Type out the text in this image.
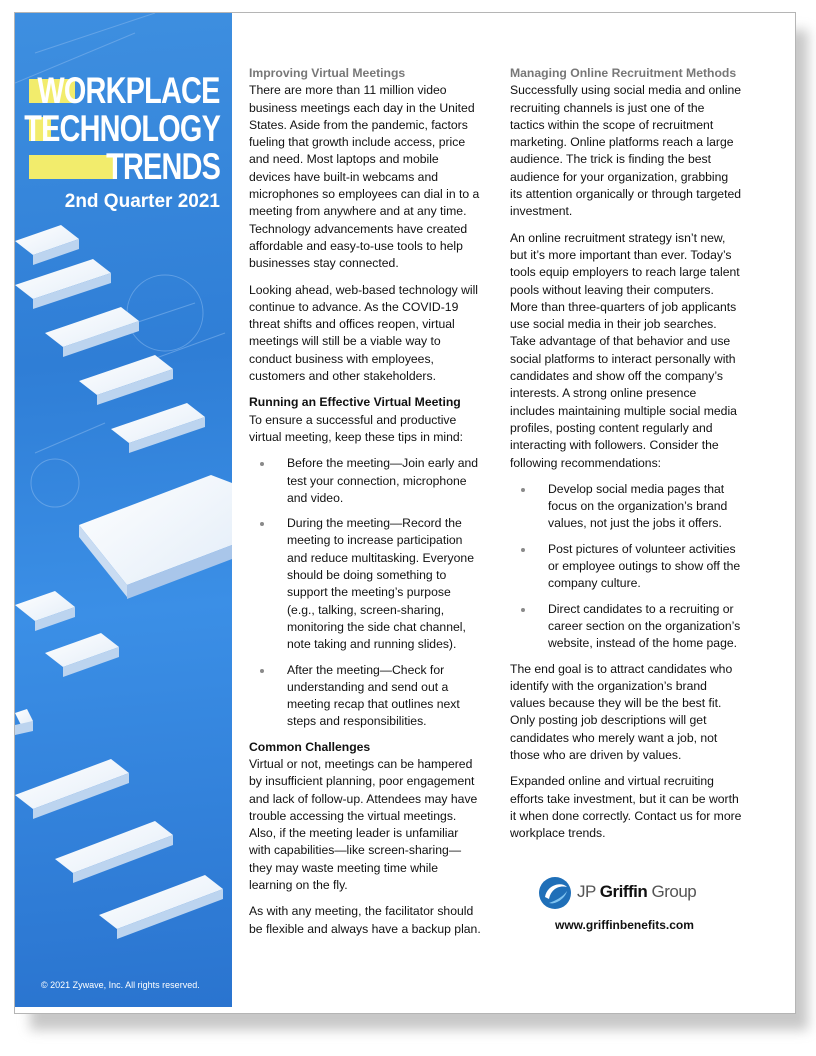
WORKPLACE
TECHNOLOGY
TRENDS
2nd Quarter 2021
© 2021 Zywave, Inc. All rights reserved.
Improving Virtual Meetings

There are more than 11 million video business meetings each day in the United States. Aside from the pandemic, factors fueling that growth include access, price and need. Most laptops and mobile devices have built-in webcams and microphones so employees can dial in to a meeting from anywhere and at any time. Technology advancements have created affordable and easy-to-use tools to help businesses stay connected.

Looking ahead, web-based technology will continue to advance. As the COVID-19 threat shifts and offices reopen, virtual meetings will still be a viable way to conduct business with employees, customers and other stakeholders.

Running an Effective Virtual Meeting

To ensure a successful and productive virtual meeting, keep these tips in mind:

Before the meeting—Join early and test your connection, microphone and video.
During the meeting—Record the meeting to increase participation and reduce multitasking. Everyone should be doing something to support the meeting’s purpose (e.g., talking, screen-sharing, monitoring the side chat channel, note taking and running slides).
After the meeting—Check for understanding and send out a meeting recap that outlines next steps and responsibilities.
Common Challenges

Virtual or not, meetings can be hampered by insufficient planning, poor engagement and lack of follow-up. Attendees may have trouble accessing the virtual meetings. Also, if the meeting leader is unfamiliar with capabilities—like screen-sharing—they may waste meeting time while learning on the fly.

As with any meeting, the facilitator should be flexible and always have a backup plan.

Managing Online Recruitment Methods

Successfully using social media and online recruiting channels is just one of the tactics within the scope of recruitment marketing. Online platforms reach a large audience. The trick is finding the best audience for your organization, grabbing its attention organically or through targeted investment.

An online recruitment strategy isn’t new, but it’s more important than ever. Today’s tools equip employers to reach large talent pools without leaving their computers. More than three-quarters of job applicants use social media in their job searches. Take advantage of that behavior and use social platforms to interact personally with candidates and show off the company’s interests. A strong online presence includes maintaining multiple social media profiles, posting content regularly and interacting with followers. Consider the following recommendations:

Develop social media pages that focus on the organization’s brand values, not just the jobs it offers.
Post pictures of volunteer activities or employee outings to show off the company culture.
Direct candidates to a recruiting or career section on the organization’s website, instead of the home page.

The end goal is to attract candidates who identify with the organization’s brand values because they will be the best fit. Only posting job descriptions will get candidates who merely want a job, not those who are driven by values.

Expanded online and virtual recruiting efforts take investment, but it can be worth it when done correctly. Contact us for more workplace trends.

JP Griffin Group
www.griffinbenefits.com
